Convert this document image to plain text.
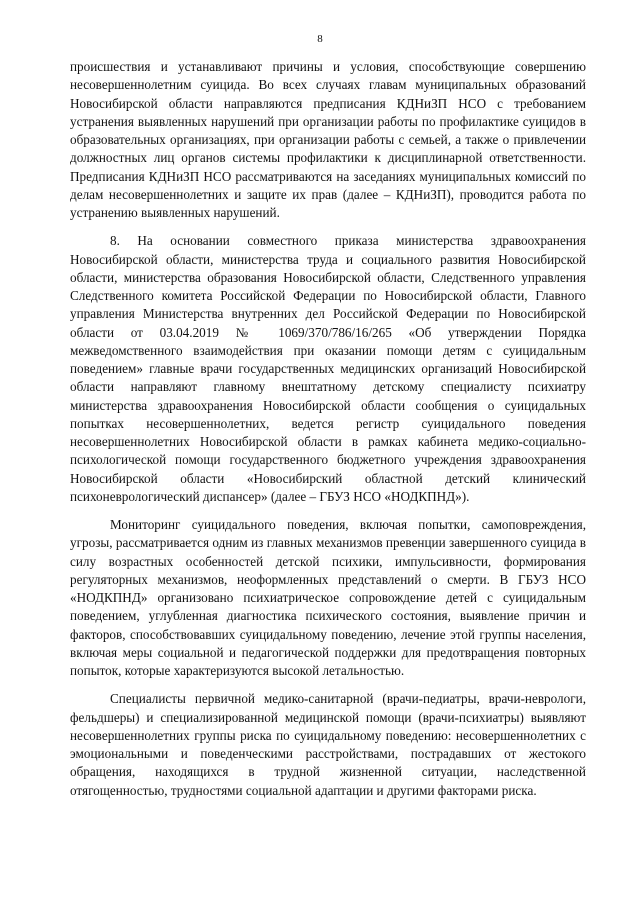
8

происшествия и устанавливают причины и условия, способствующие совершению несовершеннолетним суицида. Во всех случаях главам муниципальных образований Новосибирской области направляются предписания КДНиЗП НСО с требованием устранения выявленных нарушений при организации работы по профилактике суицидов в образовательных организациях, при организации работы с семьей, а также о привлечении должностных лиц органов системы профилактики к дисциплинарной ответственности. Предписания КДНиЗП НСО рассматриваются на заседаниях муниципальных комиссий по делам несовершеннолетних и защите их прав (далее – КДНиЗП), проводится работа по устранению выявленных нарушений.

8. На основании совместного приказа министерства здравоохранения Новосибирской области, министерства труда и социального развития Новосибирской области, министерства образования Новосибирской области, Следственного управления Следственного комитета Российской Федерации по Новосибирской области, Главного управления Министерства внутренних дел Российской Федерации по Новосибирской области от 03.04.2019 № 1069/370/786/16/265 «Об утверждении Порядка межведомственного взаимодействия при оказании помощи детям с суицидальным поведением» главные врачи государственных медицинских организаций Новосибирской области направляют главному внештатному детскому специалисту психиатру министерства здравоохранения Новосибирской области сообщения о суицидальных попытках несовершеннолетних, ведется регистр суицидального поведения несовершеннолетних Новосибирской области в рамках кабинета медико-социально-психологической помощи государственного бюджетного учреждения здравоохранения Новосибирской области «Новосибирский областной детский клинический психоневрологический диспансер» (далее – ГБУЗ НСО «НОДКПНД»).

Мониторинг суицидального поведения, включая попытки, самоповреждения, угрозы, рассматривается одним из главных механизмов превенции завершенного суицида в силу возрастных особенностей детской психики, импульсивности, формирования регуляторных механизмов, неоформленных представлений о смерти. В ГБУЗ НСО «НОДКПНД» организовано психиатрическое сопровождение детей с суицидальным поведением, углубленная диагностика психического состояния, выявление причин и факторов, способствовавших суицидальному поведению, лечение этой группы населения, включая меры социальной и педагогической поддержки для предотвращения повторных попыток, которые характеризуются высокой летальностью.

Специалисты первичной медико-санитарной (врачи-педиатры, врачи-неврологи, фельдшеры) и специализированной медицинской помощи (врачи-психиатры) выявляют несовершеннолетних группы риска по суицидальному поведению: несовершеннолетних с эмоциональными и поведенческими расстройствами, пострадавших от жестокого обращения, находящихся в трудной жизненной ситуации, наследственной отягощенностью, трудностями социальной адаптации и другими факторами риска.
